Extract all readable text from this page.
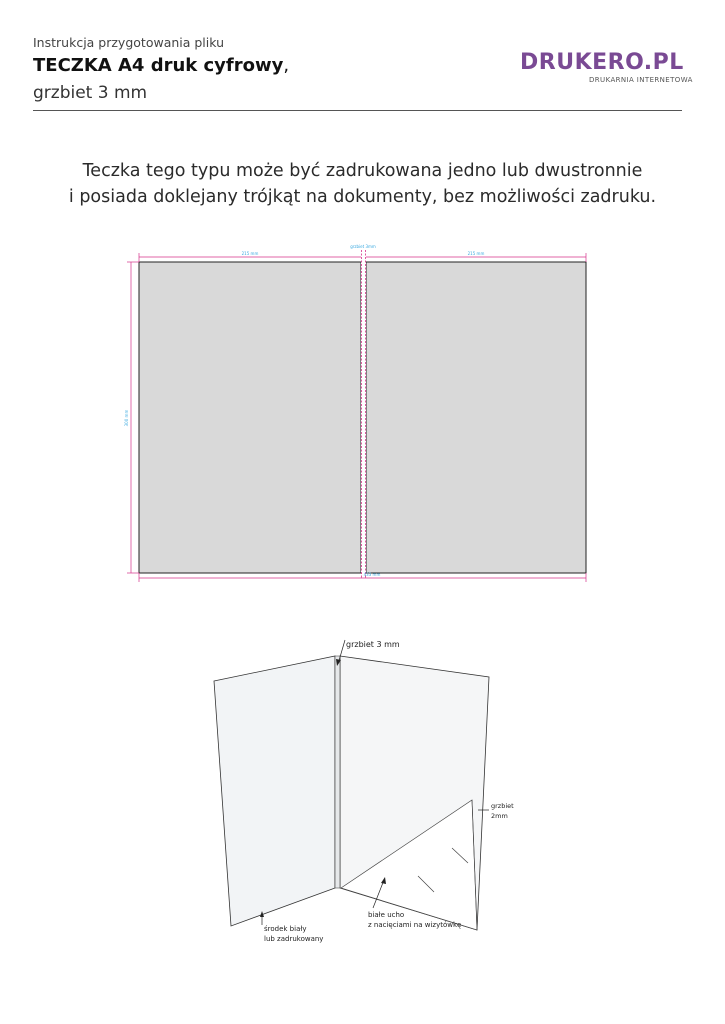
Instrukcja przygotowania pliku
TECZKA A4 druk cyfrowy,
grzbiet 3 mm
DRUKERO.PL
DRUKARNIA INTERNETOWA
Teczka tego typu może być zadrukowana jedno lub dwustronnie
i posiada doklejany trójkąt na dokumenty, bez możliwości zadruku.
215 mm
grzbiet 3mm
215 mm
300 mm
433 mm
grzbiet 3 mm
grzbiet
2mm
środek biały
lub zadrukowany
białe ucho
z nacięciami na wizytówkę
